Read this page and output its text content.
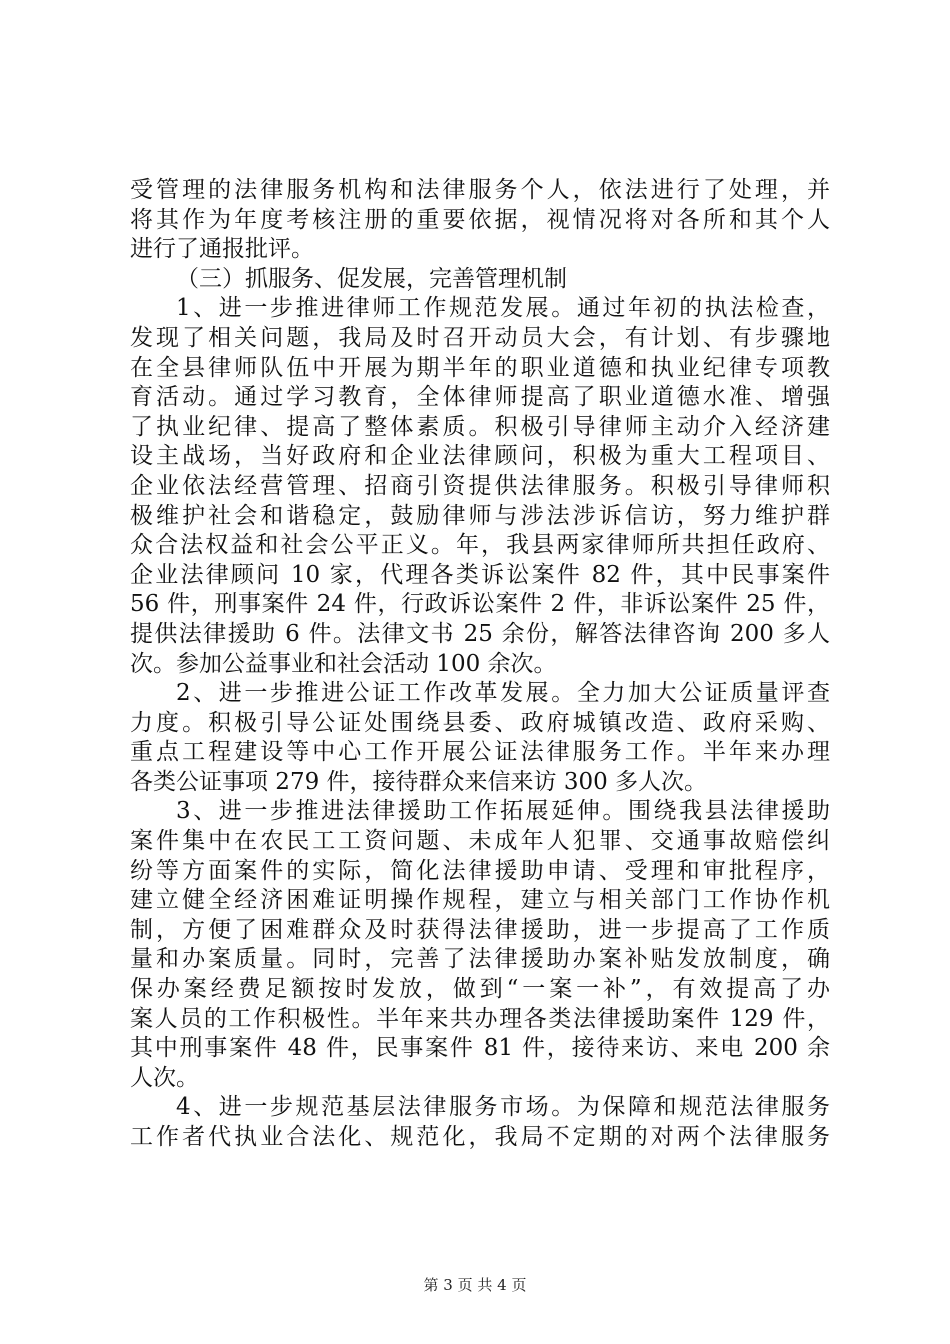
受管理的法律服务机构和法律服务个人，依法进行了处理，并
将其作为年度考核注册的重要依据，视情况将对各所和其个人
进行了通报批评。
（三）抓服务、促发展，完善管理机制
1、进一步推进律师工作规范发展。通过年初的执法检查，
发现了相关问题，我局及时召开动员大会，有计划、有步骤地
在全县律师队伍中开展为期半年的职业道德和执业纪律专项教
育活动。通过学习教育，全体律师提高了职业道德水准、增强
了执业纪律、提高了整体素质。积极引导律师主动介入经济建
设主战场，当好政府和企业法律顾问，积极为重大工程项目、
企业依法经营管理、招商引资提供法律服务。积极引导律师积
极维护社会和谐稳定，鼓励律师与涉法涉诉信访，努力维护群
众合法权益和社会公平正义。年，我县两家律师所共担任政府、
企业法律顾问 10 家，代理各类诉讼案件 82 件，其中民事案件
56 件，刑事案件 24 件，行政诉讼案件 2 件，非诉讼案件 25 件，
提供法律援助 6 件。法律文书 25 余份，解答法律咨询 200 多人
次。参加公益事业和社会活动 100 余次。
2、进一步推进公证工作改革发展。全力加大公证质量评查
力度。积极引导公证处围绕县委、政府城镇改造、政府采购、
重点工程建设等中心工作开展公证法律服务工作。半年来办理
各类公证事项 279 件，接待群众来信来访 300 多人次。
3、进一步推进法律援助工作拓展延伸。围绕我县法律援助
案件集中在农民工工资问题、未成年人犯罪、交通事故赔偿纠
纷等方面案件的实际，简化法律援助申请、受理和审批程序，
建立健全经济困难证明操作规程，建立与相关部门工作协作机
制，方便了困难群众及时获得法律援助，进一步提高了工作质
量和办案质量。同时，完善了法律援助办案补贴发放制度，确
保办案经费足额按时发放，做到“一案一补”，有效提高了办
案人员的工作积极性。半年来共办理各类法律援助案件 129 件，
其中刑事案件 48 件，民事案件 81 件，接待来访、来电 200 余
人次。
4、进一步规范基层法律服务市场。为保障和规范法律服务
工作者代执业合法化、规范化，我局不定期的对两个法律服务
第 3 页 共 4 页
